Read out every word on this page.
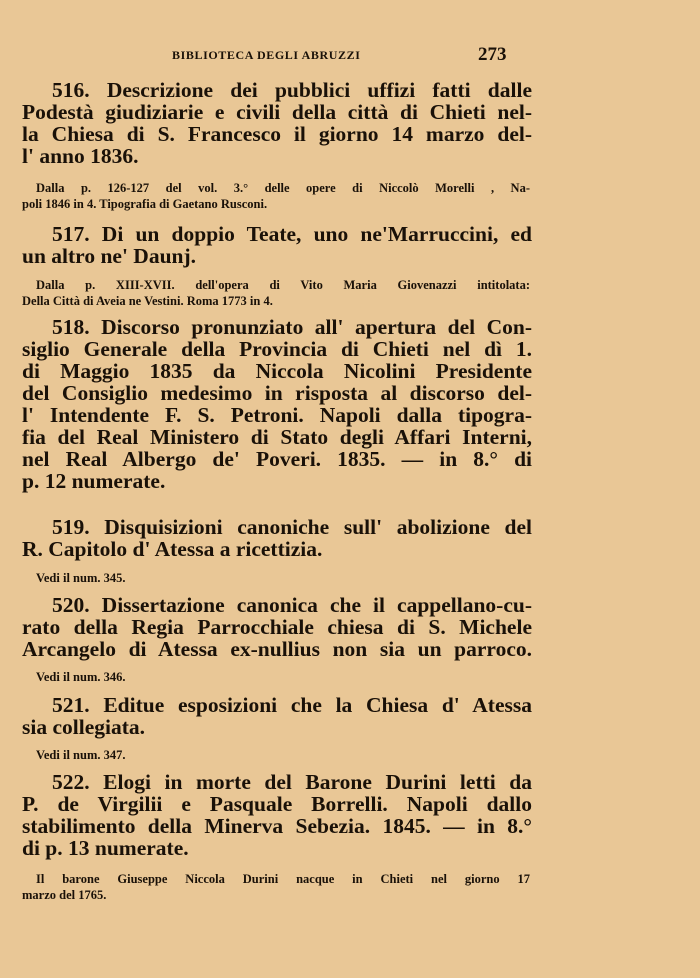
BIBLIOTECA DEGLI ABRUZZI	273
516. Descrizione dei pubblici uffizi fatti dalle
Podestà giudiziarie e civili della città di Chieti nel-
la Chiesa di S. Francesco il giorno 14 marzo del-
l' anno 1836.
Dalla p. 126-127 del vol. 3.° delle opere di Niccolò Morelli , Na-
poli 1846 in 4. Tipografia di Gaetano Rusconi.
517. Di un doppio Teate, uno ne'Marruccini, ed
un altro ne' Daunj.
Dalla p. XIII-XVII. dell'opera di Vito Maria Giovenazzi intitolata:
Della Città di Aveia ne Vestini. Roma 1773 in 4.
518. Discorso pronunziato all' apertura del Con-
siglio Generale della Provincia di Chieti nel dì 1.
di Maggio 1835 da Niccola Nicolini Presidente
del Consiglio medesimo in risposta al discorso del-
l' Intendente F. S. Petroni. Napoli dalla tipogra-
fia del Real Ministero di Stato degli Affari Interni,
nel Real Albergo de' Poveri. 1835. — in 8.° di
p. 12 numerate.
519. Disquisizioni canoniche sull' abolizione del
R. Capitolo d' Atessa a ricettizia.
Vedi il num. 345.
520. Dissertazione canonica che il cappellano-cu-
rato della Regia Parrocchiale chiesa di S. Michele
Arcangelo di Atessa ex-nullius non sia un parroco.
Vedi il num. 346.
521. Editue esposizioni che la Chiesa d' Atessa
sia collegiata.
Vedi il num. 347.
522. Elogi in morte del Barone Durini letti da
P. de Virgilii e Pasquale Borrelli. Napoli dallo
stabilimento della Minerva Sebezia. 1845. — in 8.°
di p. 13 numerate.
Il barone Giuseppe Niccola Durini nacque in Chieti nel giorno 17
marzo del 1765.
